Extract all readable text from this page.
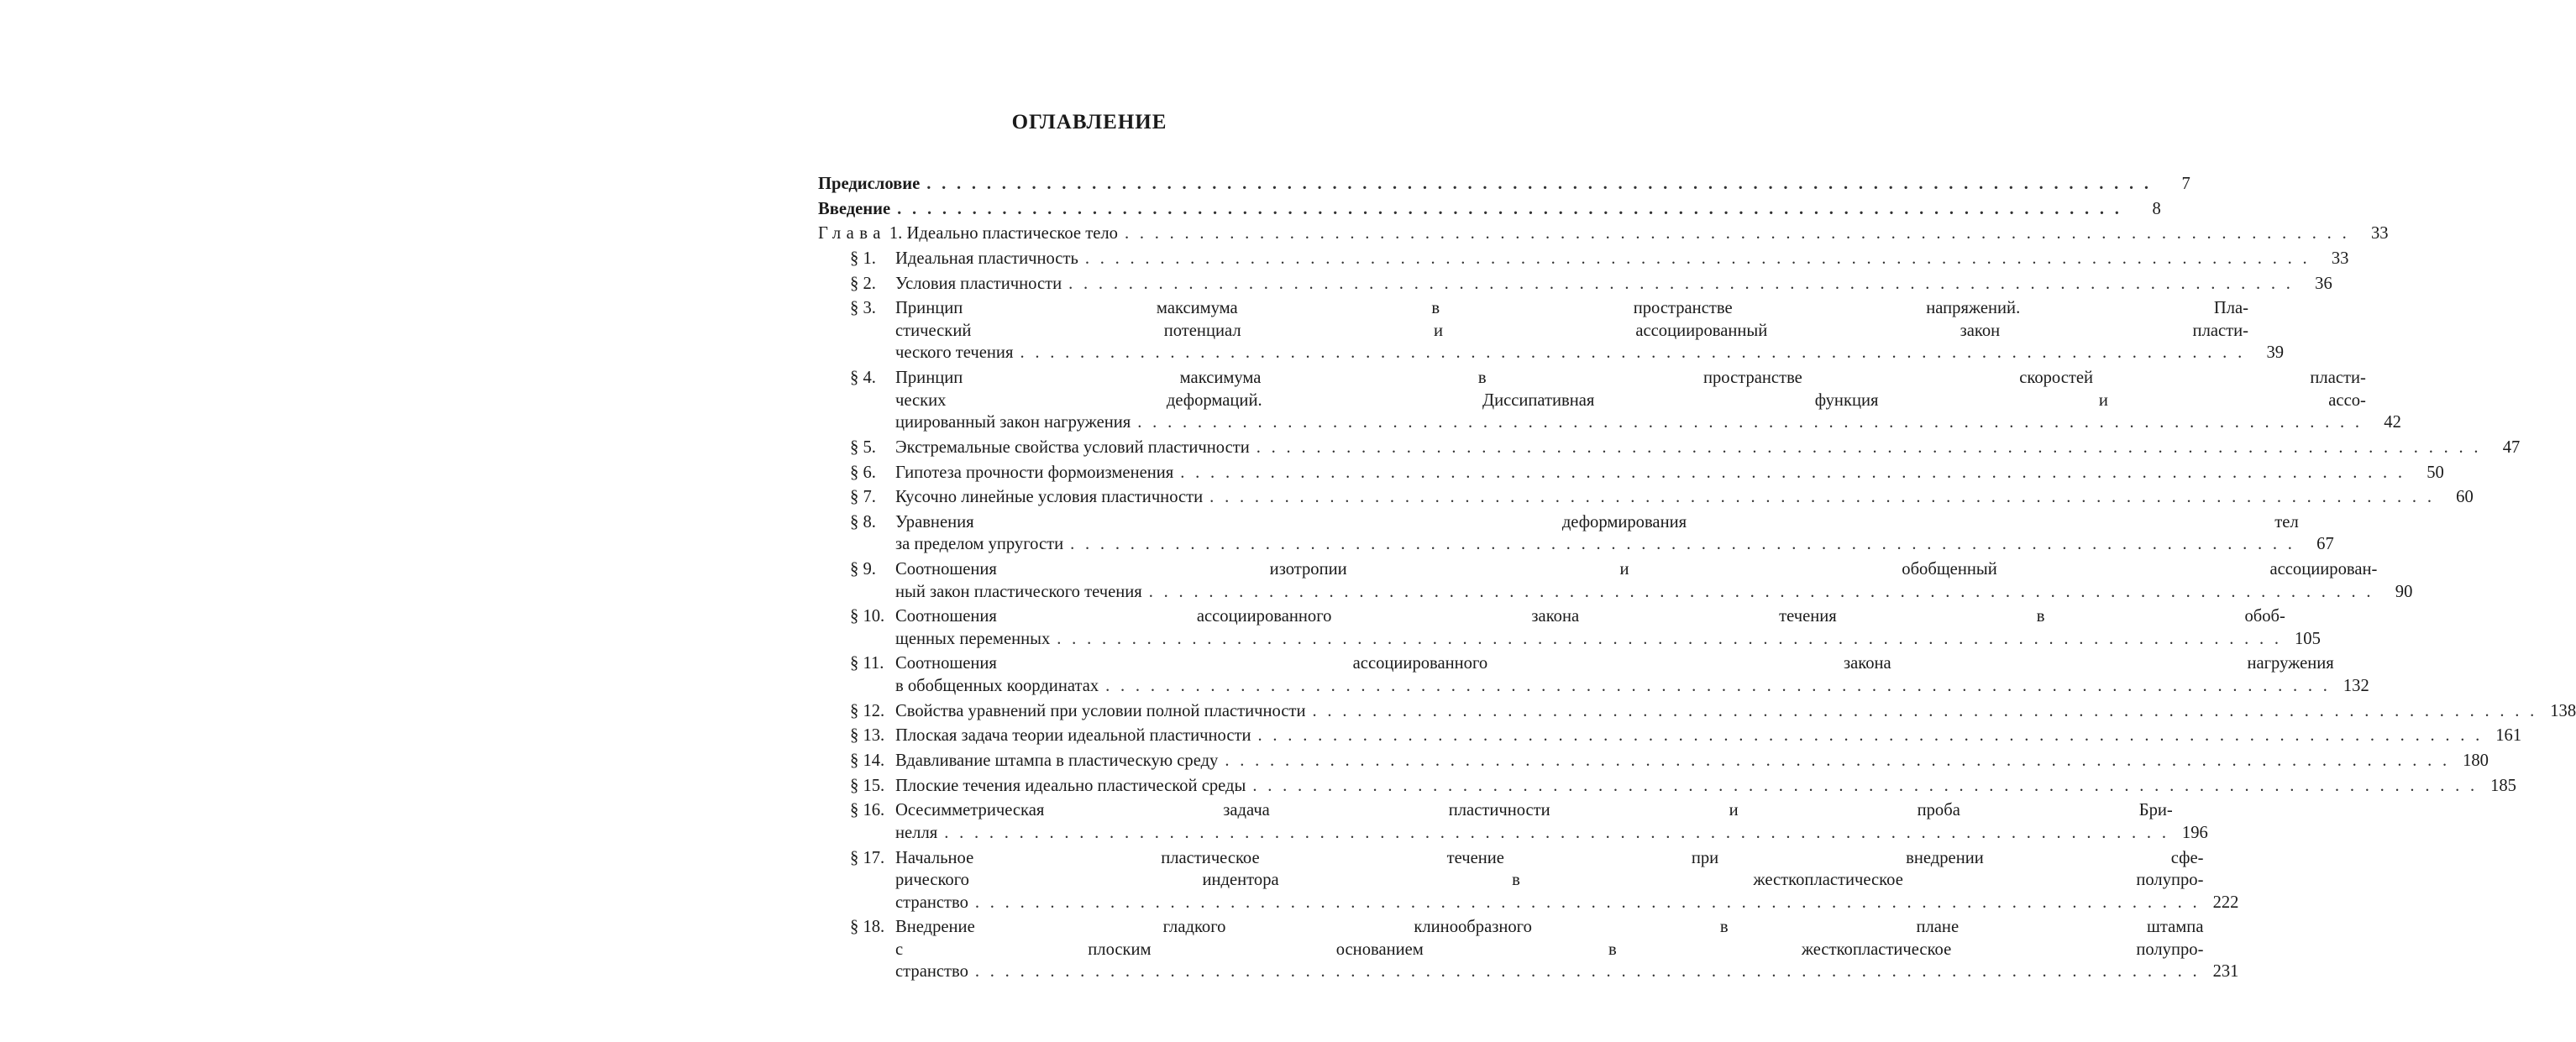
ОГЛАВЛЕНИЕ
Предисловие . . .	7
Введение . . .	8
Глава 1. Идеально пластическое тело . . .	33
§ 1.	Идеальная пластичность . . .	33
§ 2.	Условия пластичности . . .	36
§ 3.	Принцип максимума в пространстве напряжений. Пла-
стический потенциал и ассоциированный закон пласти-
ческого течения . . .	39
§ 4.	Принцип максимума в пространстве скоростей пласти-
ческих деформаций. Диссипативная функция и ассо-
циированный закон нагружения . . .	42
§ 5.	Экстремальные свойства условий пластичности . . .	47
§ 6.	Гипотеза прочности формоизменения . . .	50
§ 7.	Кусочно линейные условия пластичности . . .	60
§ 8.	Уравнения деформирования тел
за пределом упругости . . .	67
§ 9.	Соотношения изотропии и обобщенный ассоциирован-
ный закон пластического течения . . .	90
§ 10. Соотношения ассоциированного закона течения в обоб-
щенных переменных . . .	105
§ 11. Соотношения ассоциированного закона нагружения
в обобщенных координатах . . .	132
§ 12. Свойства уравнений при условии полной пластичности . . .	138
§ 13. Плоская задача теории идеальной пластичности . . .	161
§ 14. Вдавливание штампа в пластическую среду . . .	180
§ 15. Плоские течения идеально пластической среды . . .	185
§ 16. Осесимметрическая задача пластичности и проба Бри-
нелля . . .	196
§ 17. Начальное пластическое течение при внедрении сфе-
рического индентора в жесткопластическое полупро-
странство . . .	222
§ 18. Внедрение гладкого клинообразного в плане штампа
с плоским основанием в жесткопластическое полупро-
странство . . .	231
